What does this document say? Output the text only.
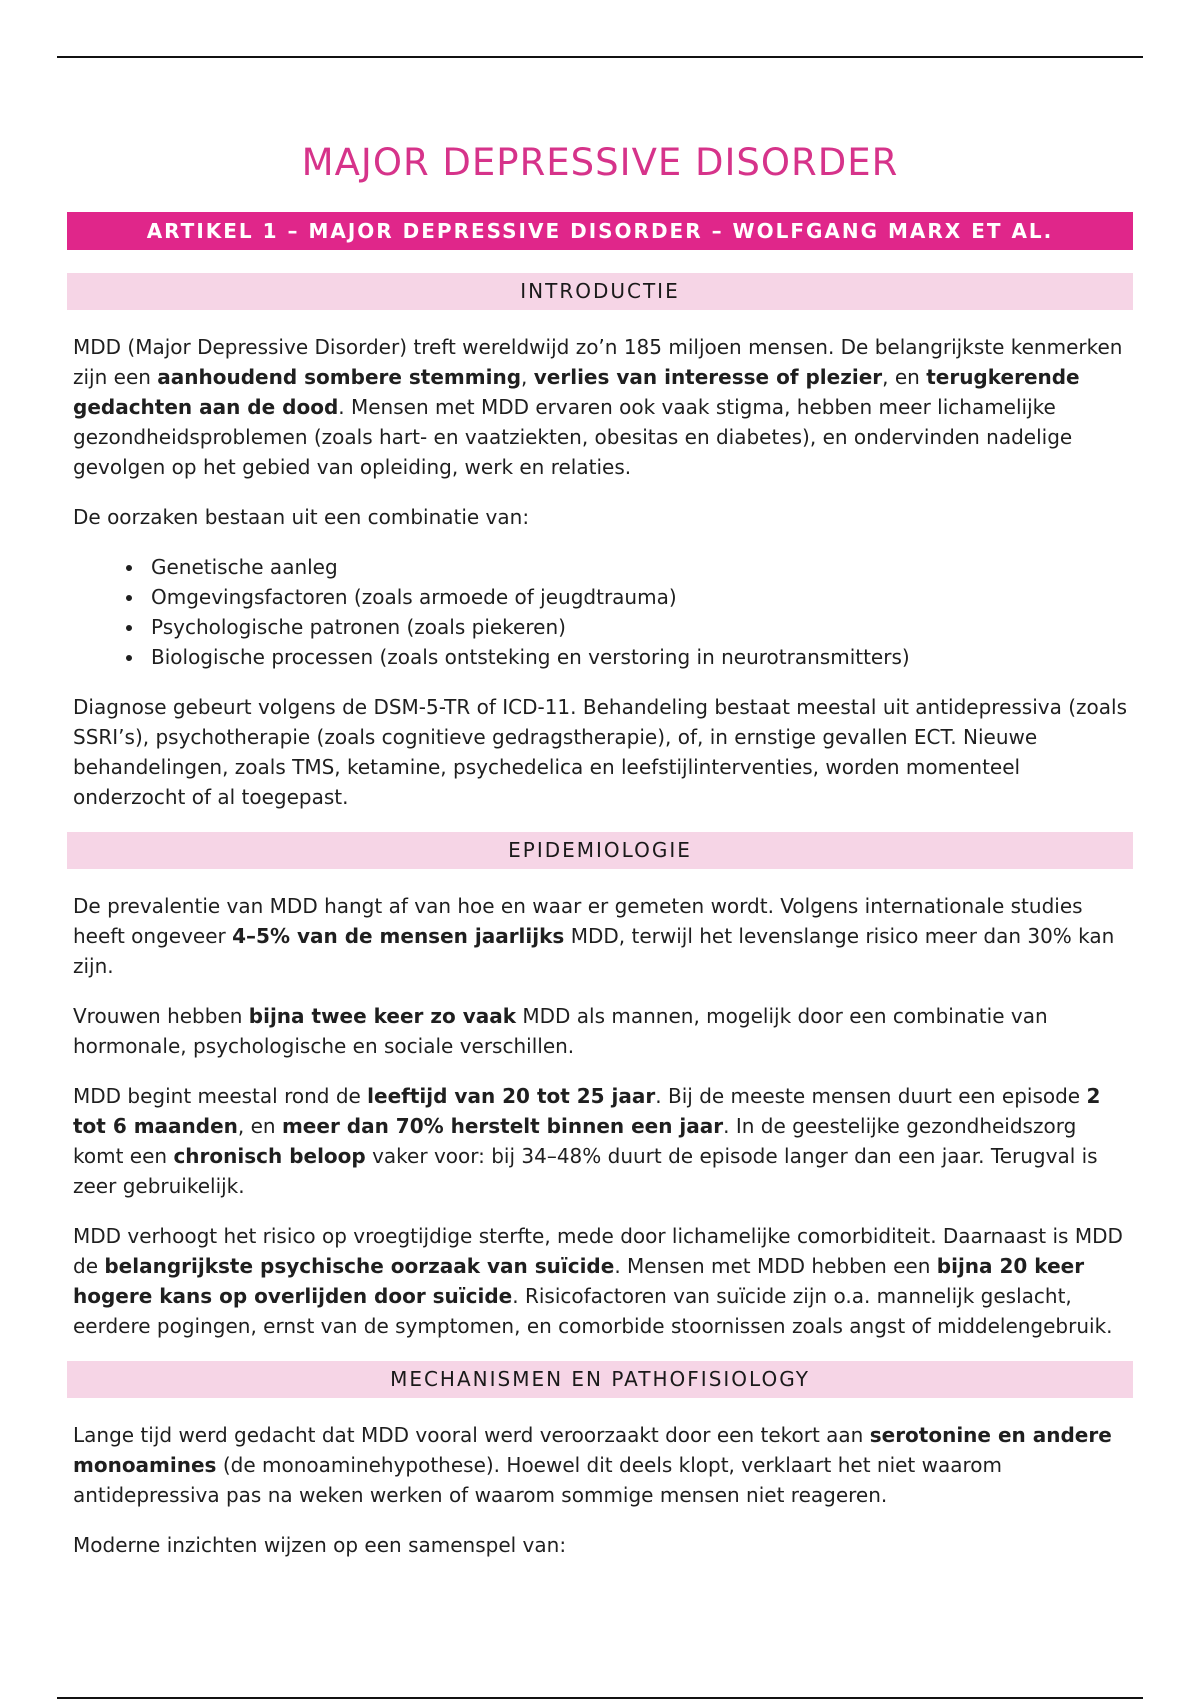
MAJOR DEPRESSIVE DISORDER
ARTIKEL 1 – MAJOR DEPRESSIVE DISORDER – WOLFGANG MARX ET AL.
INTRODUCTIE

MDD (Major Depressive Disorder) treft wereldwijd zo’n 185 miljoen mensen. De belangrijkste kenmerken zijn een aanhoudend sombere stemming, verlies van interesse of plezier, en terugkerende gedachten aan de dood. Mensen met MDD ervaren ook vaak stigma, hebben meer lichamelijke gezondheidsproblemen (zoals hart- en vaatziekten, obesitas en diabetes), en ondervinden nadelige gevolgen op het gebied van opleiding, werk en relaties.

De oorzaken bestaan uit een combinatie van:

• Genetische aanleg
• Omgevingsfactoren (zoals armoede of jeugdtrauma)
• Psychologische patronen (zoals piekeren)
• Biologische processen (zoals ontsteking en verstoring in neurotransmitters)

Diagnose gebeurt volgens de DSM-5-TR of ICD-11. Behandeling bestaat meestal uit antidepressiva (zoals SSRI’s), psychotherapie (zoals cognitieve gedragstherapie), of, in ernstige gevallen ECT. Nieuwe behandelingen, zoals TMS, ketamine, psychedelica en leefstijlinterventies, worden momenteel onderzocht of al toegepast.

EPIDEMIOLOGIE

De prevalentie van MDD hangt af van hoe en waar er gemeten wordt. Volgens internationale studies heeft ongeveer 4–5% van de mensen jaarlijks MDD, terwijl het levenslange risico meer dan 30% kan zijn.

Vrouwen hebben bijna twee keer zo vaak MDD als mannen, mogelijk door een combinatie van hormonale, psychologische en sociale verschillen.

MDD begint meestal rond de leeftijd van 20 tot 25 jaar. Bij de meeste mensen duurt een episode 2 tot 6 maanden, en meer dan 70% herstelt binnen een jaar. In de geestelijke gezondheidszorg komt een chronisch beloop vaker voor: bij 34–48% duurt de episode langer dan een jaar. Terugval is zeer gebruikelijk.

MDD verhoogt het risico op vroegtijdige sterfte, mede door lichamelijke comorbiditeit. Daarnaast is MDD de belangrijkste psychische oorzaak van suïcide. Mensen met MDD hebben een bijna 20 keer hogere kans op overlijden door suïcide. Risicofactoren van suïcide zijn o.a. mannelijk geslacht, eerdere pogingen, ernst van de symptomen, en comorbide stoornissen zoals angst of middelengebruik.

MECHANISMEN EN PATHOFISIOLOGY

Lange tijd werd gedacht dat MDD vooral werd veroorzaakt door een tekort aan serotonine en andere monoamines (de monoaminehypothese). Hoewel dit deels klopt, verklaart het niet waarom antidepressiva pas na weken werken of waarom sommige mensen niet reageren.

Moderne inzichten wijzen op een samenspel van:
